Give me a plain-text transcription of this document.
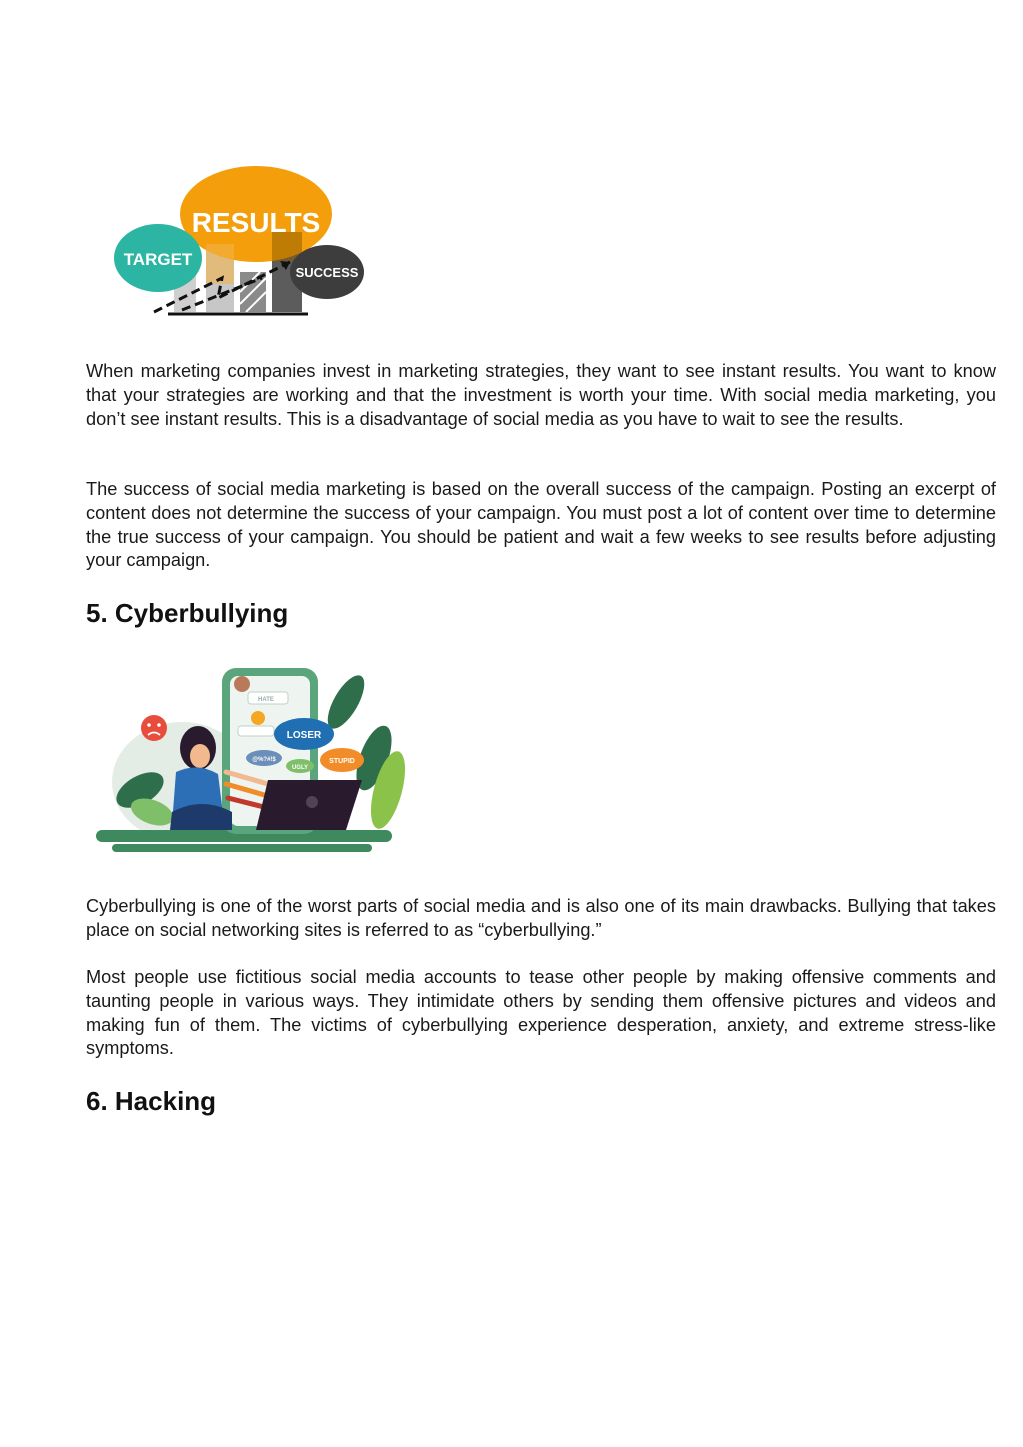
RESULTS
TARGET
SUCCESS

When marketing companies invest in marketing strategies, they want to see instant results. You want to know that your strategies are working and that the investment is worth your time. With social media marketing, you don’t see instant results. This is a disadvantage of social media as you have to wait to see the results.

The success of social media marketing is based on the overall success of the campaign. Posting an excerpt of content does not determine the success of your campaign. You must post a lot of content over time to determine the true success of your campaign. You should be patient and wait a few weeks to see results before adjusting your campaign.

5. Cyberbullying
HATE
LOSER
@%?#!$
UGLY
STUPID

Cyberbullying is one of the worst parts of social media and is also one of its main drawbacks. Bullying that takes place on social networking sites is referred to as “cyberbullying.”

Most people use fictitious social media accounts to tease other people by making offensive comments and taunting people in various ways. They intimidate others by sending them offensive pictures and videos and making fun of them. The victims of cyberbullying experience desperation, anxiety, and extreme stress-like symptoms.

6. Hacking
